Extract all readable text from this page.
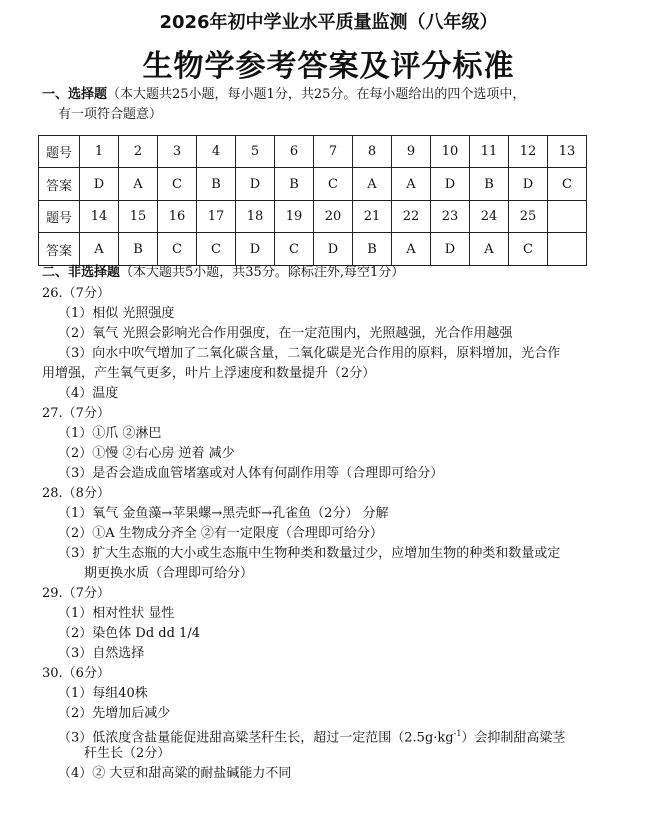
2026年初中学业水平质量监测（八年级）
生物学参考答案及评分标准
一、选择题（本大题共25小题，每小题1分，共25分。在每小题给出的四个选项中，
有一项符合题意）
题号	1	2	3	4	5	6	7	8	9	10	11	12	13
答案	D	A	C	B	D	B	C	A	A	D	B	D	C
题号	14	15	16	17	18	19	20	21	22	23	24	25	
答案	A	B	C	C	D	C	D	B	A	D	A	C	
二、非选择题（本大题共5小题，共35分。除标注外,每空1分）
26.（7分）
（1）相似 光照强度
（2）氧气 光照会影响光合作用强度，在一定范围内，光照越强，光合作用越强
（3）向水中吹气增加了二氧化碳含量，二氧化碳是光合作用的原料，原料增加，光合作
用增强，产生氧气更多，叶片上浮速度和数量提升（2分）
（4）温度
27.（7分）
（1）①爪 ②淋巴
（2）①慢 ②右心房 逆着 减少
（3）是否会造成血管堵塞或对人体有何副作用等（合理即可给分）
28.（8分）
（1）氧气 金鱼藻→苹果螺→黑壳虾→孔雀鱼（2分） 分解
（2）①A 生物成分齐全 ②有一定限度（合理即可给分）
（3）扩大生态瓶的大小或生态瓶中生物种类和数量过少，应增加生物的种类和数量或定
期更换水质（合理即可给分）
29.（7分）
（1）相对性状 显性
（2）染色体 Dd dd 1/4
（3）自然选择
30.（6分）
（1）每组40株
（2）先增加后减少
（3）低浓度含盐量能促进甜高粱茎秆生长，超过一定范围$(2.5g\cdot kg^{-1})$会抑制甜高粱茎
秆生长（2分）
（4）② 大豆和甜高粱的耐盐碱能力不同
